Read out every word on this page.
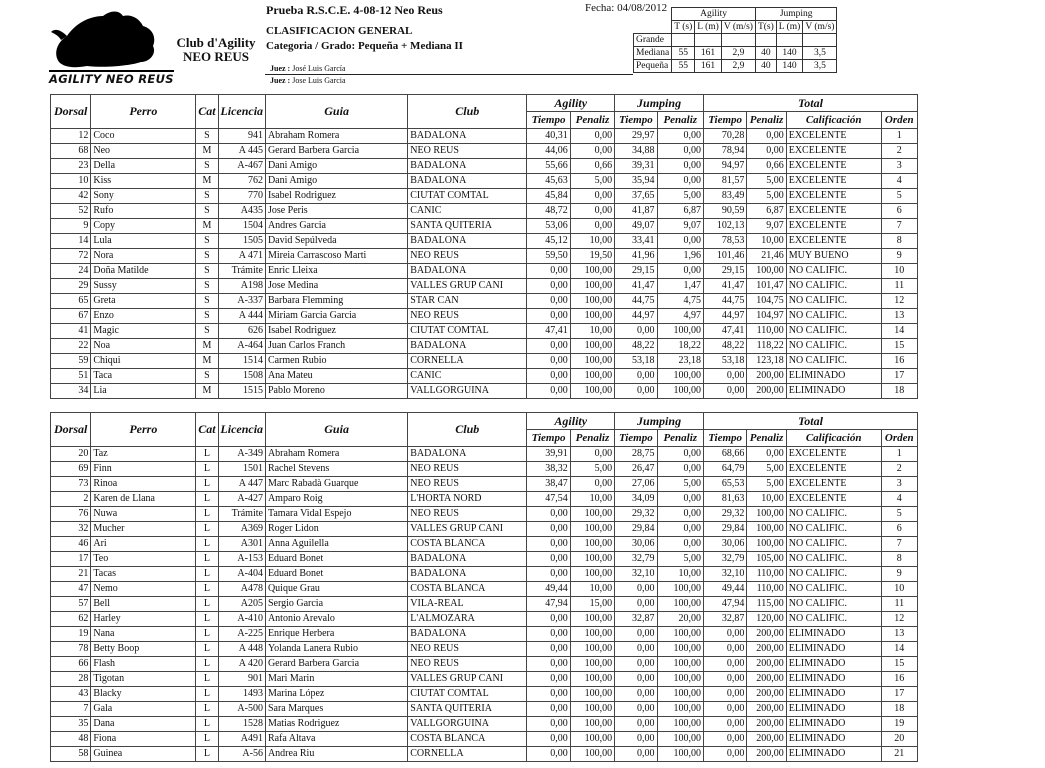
AGILITY NEO REUS
Club d'Agility
NEO REUS
Prueba R.S.C.E. 4-08-12 Neo Reus	Fecha: 04/08/2012
CLASIFICACION GENERAL
Categoria / Grado: Pequeña + Mediana II
Juez : José Luis García
Juez : Jose Luis Garcia
	Agility			Jumping		
	T (s)	L (m)	V (m/s)	T(s)	L (m)	V (m/s)
Grande						
Mediana	55	161	2,9	40	140	3,5
Pequeña	55	161	2,9	40	140	3,5
Dorsal	Perro	Cat	Licencia	Guia	Club	Agility		Jumping		Total			
						Tiempo	Penaliz	Tiempo	Penaliz	Tiempo	Penaliz	Calificación	Orden
12	Coco	S	941	Abraham Romera	BADALONA	40,31	0,00	29,97	0,00	70,28	0,00	EXCELENTE	1
68	Neo	M	A 445	Gerard Barbera Garcia	NEO REUS	44,06	0,00	34,88	0,00	78,94	0,00	EXCELENTE	2
23	Della	S	A-467	Dani Amigo	BADALONA	55,66	0,66	39,31	0,00	94,97	0,66	EXCELENTE	3
10	Kiss	M	762	Dani Amigo	BADALONA	45,63	5,00	35,94	0,00	81,57	5,00	EXCELENTE	4
42	Sony	S	770	Isabel Rodriguez	CIUTAT COMTAL	45,84	0,00	37,65	5,00	83,49	5,00	EXCELENTE	5
52	Rufo	S	A435	Jose Peris	CANIC	48,72	0,00	41,87	6,87	90,59	6,87	EXCELENTE	6
9	Copy	M	1504	Andres Garcia	SANTA QUITERIA	53,06	0,00	49,07	9,07	102,13	9,07	EXCELENTE	7
14	Lula	S	1505	David Sepúlveda	BADALONA	45,12	10,00	33,41	0,00	78,53	10,00	EXCELENTE	8
72	Nora	S	A 471	Mireia Carrascoso Marti	NEO REUS	59,50	19,50	41,96	1,96	101,46	21,46	MUY BUENO	9
24	Doña Matilde	S	Trámite	Enric Lleixa	BADALONA	0,00	100,00	29,15	0,00	29,15	100,00	NO CALIFIC.	10
29	Sussy	S	A198	Jose Medina	VALLES GRUP CANI	0,00	100,00	41,47	1,47	41,47	101,47	NO CALIFIC.	11
65	Greta	S	A-337	Barbara Flemming	STAR CAN	0,00	100,00	44,75	4,75	44,75	104,75	NO CALIFIC.	12
67	Enzo	S	A 444	Miriam Garcia Garcia	NEO REUS	0,00	100,00	44,97	4,97	44,97	104,97	NO CALIFIC.	13
41	Magic	S	626	Isabel Rodriguez	CIUTAT COMTAL	47,41	10,00	0,00	100,00	47,41	110,00	NO CALIFIC.	14
22	Noa	M	A-464	Juan Carlos Franch	BADALONA	0,00	100,00	48,22	18,22	48,22	118,22	NO CALIFIC.	15
59	Chiqui	M	1514	Carmen Rubio	CORNELLA	0,00	100,00	53,18	23,18	53,18	123,18	NO CALIFIC.	16
51	Taca	S	1508	Ana Mateu	CANIC	0,00	100,00	0,00	100,00	0,00	200,00	ELIMINADO	17
34	Lia	M	1515	Pablo Moreno	VALLGORGUINA	0,00	100,00	0,00	100,00	0,00	200,00	ELIMINADO	18
Dorsal	Perro	Cat	Licencia	Guia	Club	Agility		Jumping		Total			
						Tiempo	Penaliz	Tiempo	Penaliz	Tiempo	Penaliz	Calificación	Orden
20	Taz	L	A-349	Abraham Romera	BADALONA	39,91	0,00	28,75	0,00	68,66	0,00	EXCELENTE	1
69	Finn	L	1501	Rachel Stevens	NEO REUS	38,32	5,00	26,47	0,00	64,79	5,00	EXCELENTE	2
73	Rinoa	L	A 447	Marc Rabadà Guarque	NEO REUS	38,47	0,00	27,06	5,00	65,53	5,00	EXCELENTE	3
2	Karen de Llana	L	A-427	Amparo Roig	L'HORTA NORD	47,54	10,00	34,09	0,00	81,63	10,00	EXCELENTE	4
76	Nuwa	L	Trámite	Tamara Vidal Espejo	NEO REUS	0,00	100,00	29,32	0,00	29,32	100,00	NO CALIFIC.	5
32	Mucher	L	A369	Roger Lidon	VALLES GRUP CANI	0,00	100,00	29,84	0,00	29,84	100,00	NO CALIFIC.	6
46	Ari	L	A301	Anna Aguilella	COSTA BLANCA	0,00	100,00	30,06	0,00	30,06	100,00	NO CALIFIC.	7
17	Teo	L	A-153	Eduard Bonet	BADALONA	0,00	100,00	32,79	5,00	32,79	105,00	NO CALIFIC.	8
21	Tacas	L	A-404	Eduard Bonet	BADALONA	0,00	100,00	32,10	10,00	32,10	110,00	NO CALIFIC.	9
47	Nemo	L	A478	Quique Grau	COSTA BLANCA	49,44	10,00	0,00	100,00	49,44	110,00	NO CALIFIC.	10
57	Bell	L	A205	Sergio Garcia	VILA-REAL	47,94	15,00	0,00	100,00	47,94	115,00	NO CALIFIC.	11
62	Harley	L	A-410	Antonio Arevalo	L'ALMOZARA	0,00	100,00	32,87	20,00	32,87	120,00	NO CALIFIC.	12
19	Nana	L	A-225	Enrique Herbera	BADALONA	0,00	100,00	0,00	100,00	0,00	200,00	ELIMINADO	13
78	Betty Boop	L	A 448	Yolanda Lanera Rubio	NEO REUS	0,00	100,00	0,00	100,00	0,00	200,00	ELIMINADO	14
66	Flash	L	A 420	Gerard Barbera Garcia	NEO REUS	0,00	100,00	0,00	100,00	0,00	200,00	ELIMINADO	15
28	Tigotan	L	901	Mari Marin	VALLES GRUP CANI	0,00	100,00	0,00	100,00	0,00	200,00	ELIMINADO	16
43	Blacky	L	1493	Marina López	CIUTAT COMTAL	0,00	100,00	0,00	100,00	0,00	200,00	ELIMINADO	17
7	Gala	L	A-500	Sara Marques	SANTA QUITERIA	0,00	100,00	0,00	100,00	0,00	200,00	ELIMINADO	18
35	Dana	L	1528	Matias Rodriguez	VALLGORGUINA	0,00	100,00	0,00	100,00	0,00	200,00	ELIMINADO	19
48	Fiona	L	A491	Rafa Altava	COSTA BLANCA	0,00	100,00	0,00	100,00	0,00	200,00	ELIMINADO	20
58	Guinea	L	A-56	Andrea Riu	CORNELLA	0,00	100,00	0,00	100,00	0,00	200,00	ELIMINADO	21
